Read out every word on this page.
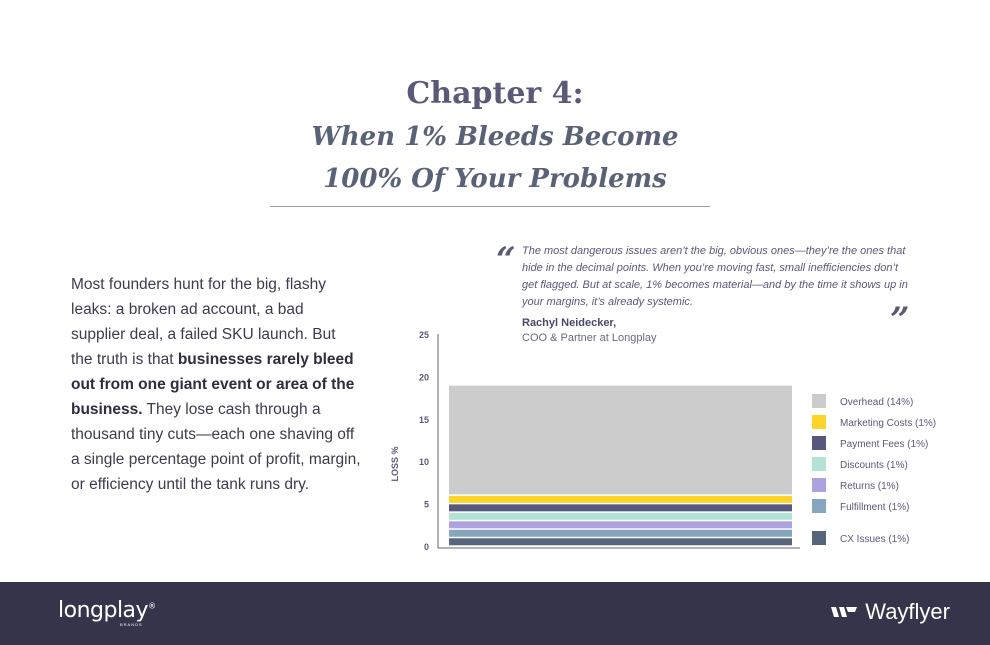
Chapter 4:
When 1% Bleeds Become
100% Of Your Problems
Most founders hunt for the big, flashy leaks: a broken ad account, a bad supplier deal, a failed SKU launch. But the truth is that businesses rarely bleed out from one giant event or area of the business. They lose cash through a thousand tiny cuts—each one shaving off a single percentage point of profit, margin, or efficiency until the tank runs dry.
“ The most dangerous issues aren’t the big, obvious ones—they’re the ones that hide in the decimal points. When you’re moving fast, small inefficiencies don’t get flagged. But at scale, 1% becomes material—and by the time it shows up in your margins, it’s already systemic.	”
Rachyl Neidecker,
COO & Partner at Longplay
0
5
10
15
20
25
LOSS %
Overhead (14%)
Marketing Costs (1%)
Payment Fees (1%)
Discounts (1%)
Returns (1%)
Fulfillment (1%)
CX Issues (1%)
longplay®
BRANDS
Wayflyer
